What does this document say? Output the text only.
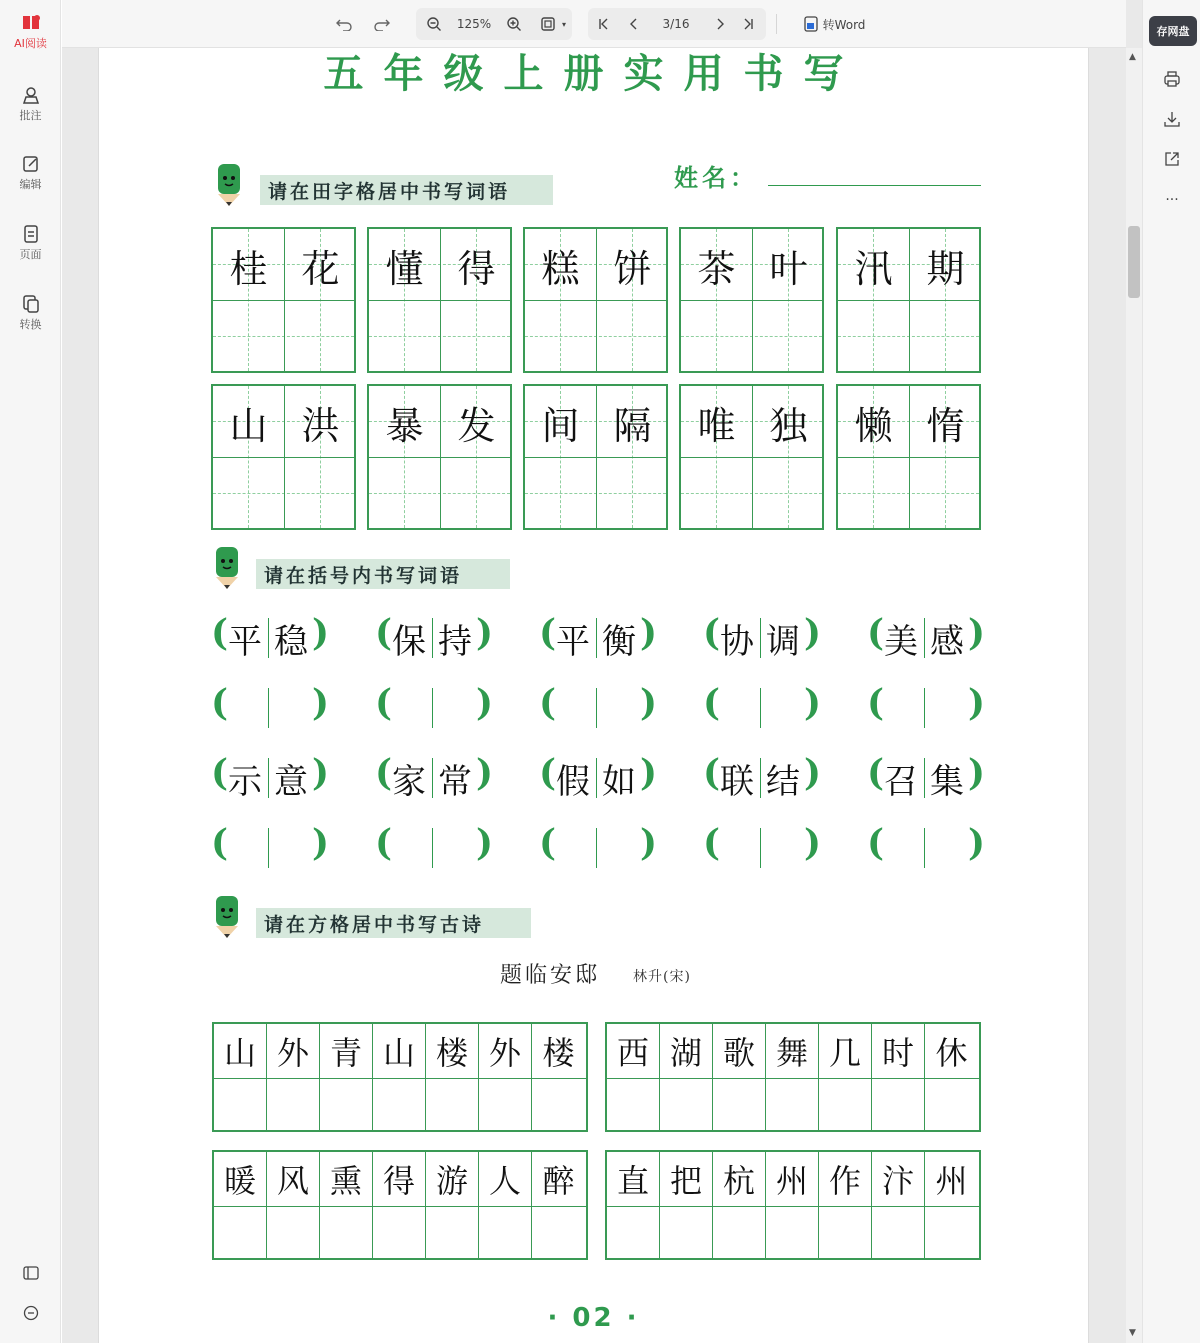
AI阅读
批注
编辑
页面
转换
125%	▾	3/16	转Word	存网盘
...
▲
▼
五年级上册实用书写
请在田字格居中书写词语	姓名：
请在括号内书写词语
请在方格居中书写古诗
题临安邸 林升(宋)
· 02 ·
桂 花	懂 得	糕 饼	茶 叶	汛 期
山 洪	暴 发	间 隔	唯 独	懒 惰
( 平 稳 ) ( 保 持 ) ( 平 衡 ) ( 协 调 ) ( 美 感 )
( ) ( ) ( ) ( ) ( )
( 示 意 ) ( 家 常 ) ( 假 如 ) ( 联 结 ) ( 召 集 )
( ) ( ) ( ) ( ) ( )
山 外 青 山 楼 外 楼	西 湖 歌 舞 几 时 休
暖 风 熏 得 游 人 醉	直 把 杭 州 作 汴 州
